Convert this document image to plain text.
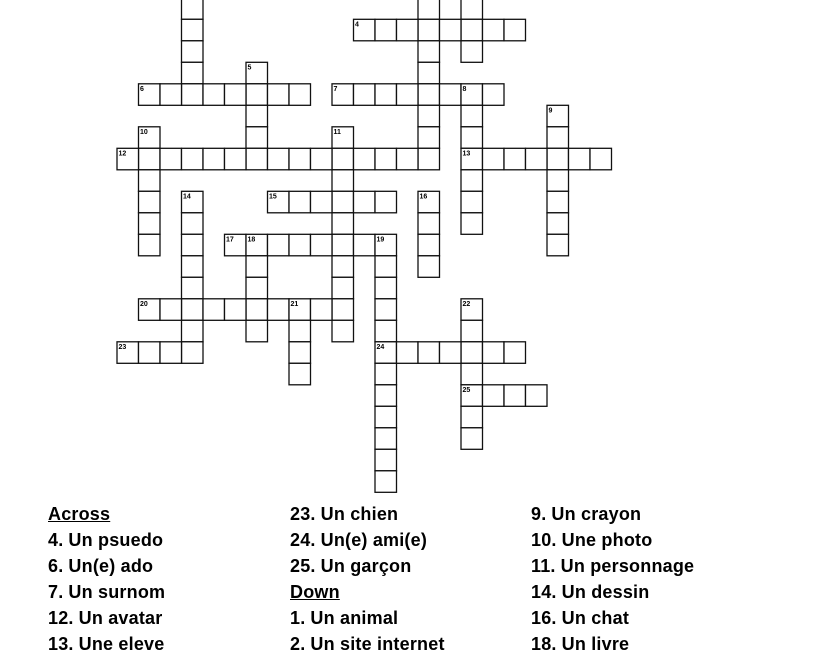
4
5
6	7	8
9
10	11
12	13
14	15	16
17 18	19
20	21	22
23	24
25
Across
4. Un psuedo
6. Un(e) ado
7. Un surnom
12. Un avatar
13. Une eleve
23. Un chien
24. Un(e) ami(e)
25. Un garçon
Down
1. Un animal
2. Un site internet
9. Un crayon
10. Une photo
11. Un personnage
14. Un dessin
16. Un chat
18. Un livre
